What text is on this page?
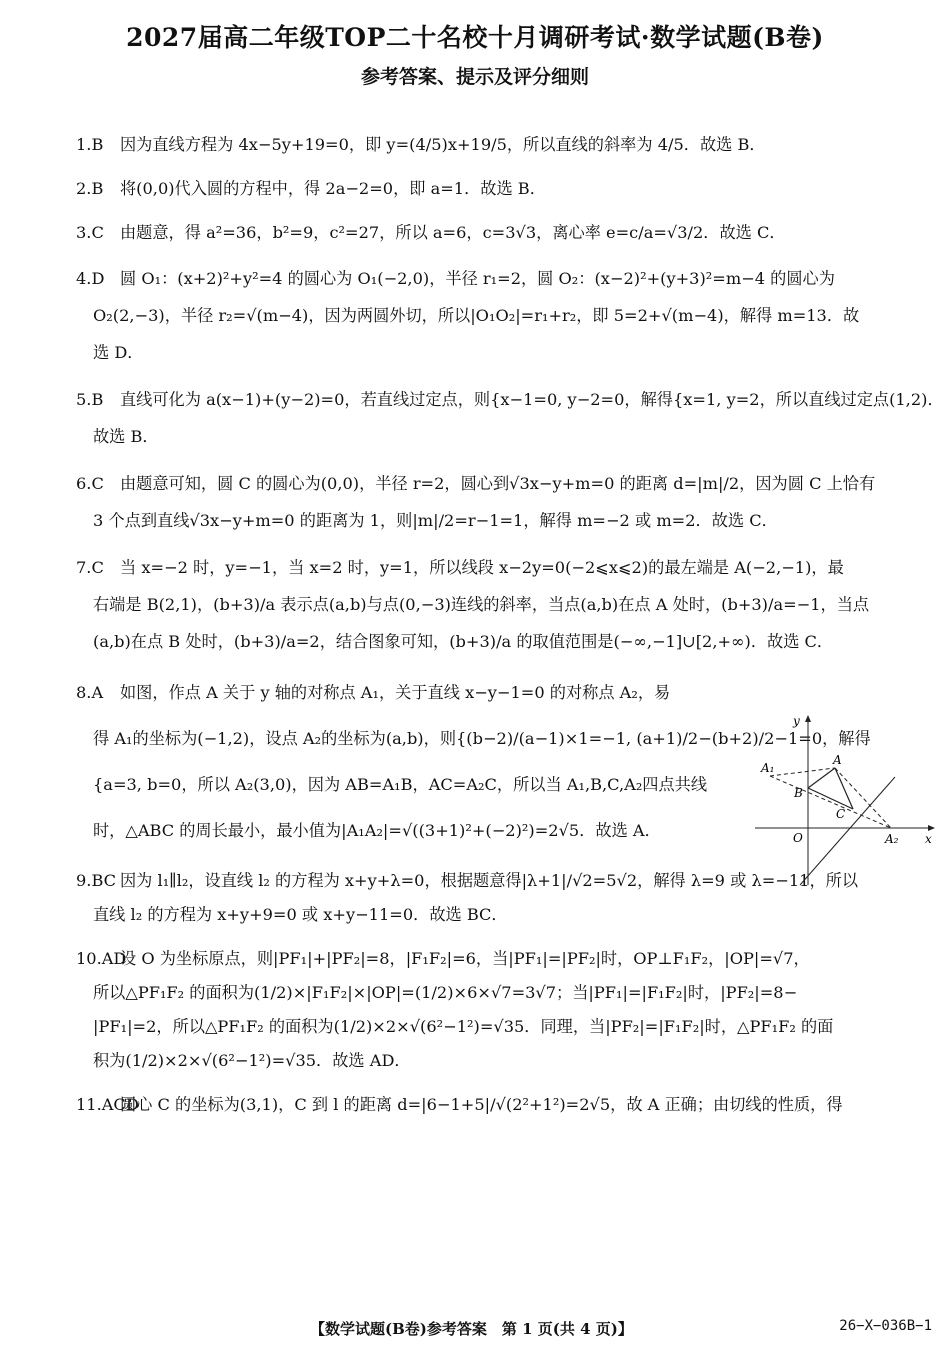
2027届高二年级TOP二十名校十月调研考试·数学试题(B卷)
参考答案、提示及评分细则
1.B 因为直线方程为 4x−5y+19=0，即 y=(4/5)x+19/5，所以直线的斜率为 4/5．故选 B．
2.B 将(0,0)代入圆的方程中，得 2a−2=0，即 a=1．故选 B．
3.C 由题意，得 a²=36，b²=9，c²=27，所以 a=6，c=3√3，离心率 e=c/a=√3/2．故选 C．
4.D 圆 O₁：(x+2)²+y²=4 的圆心为 O₁(−2,0)，半径 r₁=2，圆 O₂：(x−2)²+(y+3)²=m−4 的圆心为
O₂(2,−3)，半径 r₂=√(m−4)，因为两圆外切，所以|O₁O₂|=r₁+r₂，即 5=2+√(m−4)，解得 m=13．故
选 D．
5.B 直线可化为 a(x−1)+(y−2)=0，若直线过定点，则{x−1=0, y−2=0，解得{x=1, y=2，所以直线过定点(1,2)．
故选 B．
6.C 由题意可知，圆 C 的圆心为(0,0)，半径 r=2，圆心到√3x−y+m=0 的距离 d=|m|/2，因为圆 C 上恰有
3 个点到直线√3x−y+m=0 的距离为 1，则|m|/2=r−1=1，解得 m=−2 或 m=2．故选 C．
7.C 当 x=−2 时，y=−1，当 x=2 时，y=1，所以线段 x−2y=0(−2⩽x⩽2)的最左端是 A(−2,−1)，最
右端是 B(2,1)，(b+3)/a 表示点(a,b)与点(0,−3)连线的斜率，当点(a,b)在点 A 处时，(b+3)/a=−1，当点
(a,b)在点 B 处时，(b+3)/a=2，结合图象可知，(b+3)/a 的取值范围是(−∞,−1]∪[2,+∞)．故选 C．
8.A 如图，作点 A 关于 y 轴的对称点 A₁，关于直线 x−y−1=0 的对称点 A₂，易
得 A₁的坐标为(−1,2)，设点 A₂的坐标为(a,b)，则{(b−2)/(a−1)×1=−1, (a+1)/2−(b+2)/2−1=0，解得
{a=3, b=0，所以 A₂(3,0)，因为 AB=A₁B，AC=A₂C，所以当 A₁,B,C,A₂四点共线
时，△ABC 的周长最小，最小值为|A₁A₂|=√((3+1)²+(−2)²)=2√5．故选 A．
9.BC 因为 l₁∥l₂，设直线 l₂ 的方程为 x+y+λ=0，根据题意得|λ+1|/√2=5√2，解得 λ=9 或 λ=−11，所以
直线 l₂ 的方程为 x+y+9=0 或 x+y−11=0．故选 BC．
10.AD设 O 为坐标原点，则|PF₁|+|PF₂|=8，|F₁F₂|=6，当|PF₁|=|PF₂|时，OP⊥F₁F₂，|OP|=√7，
所以△PF₁F₂ 的面积为(1/2)×|F₁F₂|×|OP|=(1/2)×6×√7=3√7；当|PF₁|=|F₁F₂|时，|PF₂|=8−
|PF₁|=2，所以△PF₁F₂ 的面积为(1/2)×2×√(6²−1²)=√35．同理，当|PF₂|=|F₁F₂|时，△PF₁F₂ 的面
积为(1/2)×2×√(6²−1²)=√35．故选 AD．
11.ACD圆心 C 的坐标为(3,1)，C 到 l 的距离 d=|6−1+5|/√(2²+1²)=2√5，故 A 正确；由切线的性质，得
y
x
O
A₁
A
B
C
A₂
【数学试题(B卷)参考答案　第 1 页(共 4 页)】	26−X−036B−1
